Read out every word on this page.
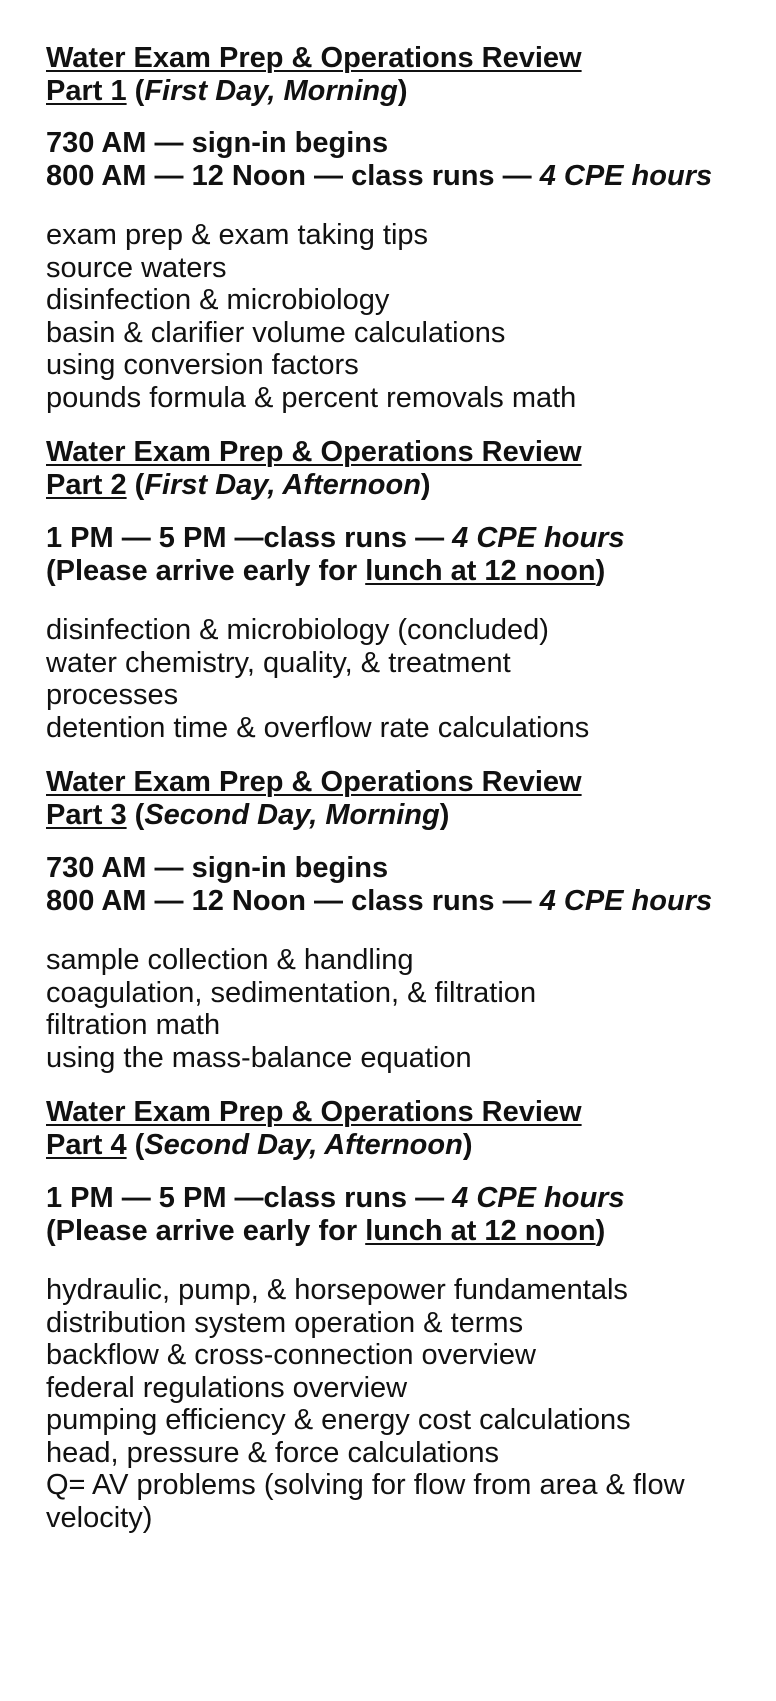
Water Exam Prep & Operations Review
Part 1 (First Day, Morning)
730 AM — sign-in begins
800 AM — 12 Noon — class runs — 4 CPE hours
exam prep & exam taking tips
source waters
disinfection & microbiology
basin & clarifier volume calculations
using conversion factors
pounds formula & percent removals math
Water Exam Prep & Operations Review
Part 2 (First Day, Afternoon)
1 PM — 5 PM —class runs — 4 CPE hours
(Please arrive early for lunch at 12 noon)
disinfection & microbiology (concluded)
water chemistry, quality, & treatment processes
detention time & overflow rate calculations
Water Exam Prep & Operations Review
Part 3 (Second Day, Morning)
730 AM — sign-in begins
800 AM — 12 Noon — class runs — 4 CPE hours
sample collection & handling
coagulation, sedimentation, & filtration
filtration math
using the mass-balance equation
Water Exam Prep & Operations Review
Part 4 (Second Day, Afternoon)
1 PM — 5 PM —class runs — 4 CPE hours
(Please arrive early for lunch at 12 noon)
hydraulic, pump, & horsepower fundamentals
distribution system operation & terms
backflow & cross-connection overview
federal regulations overview
pumping efficiency & energy cost calculations
head, pressure & force calculations
Q= AV problems (solving for flow from area & flow velocity)
